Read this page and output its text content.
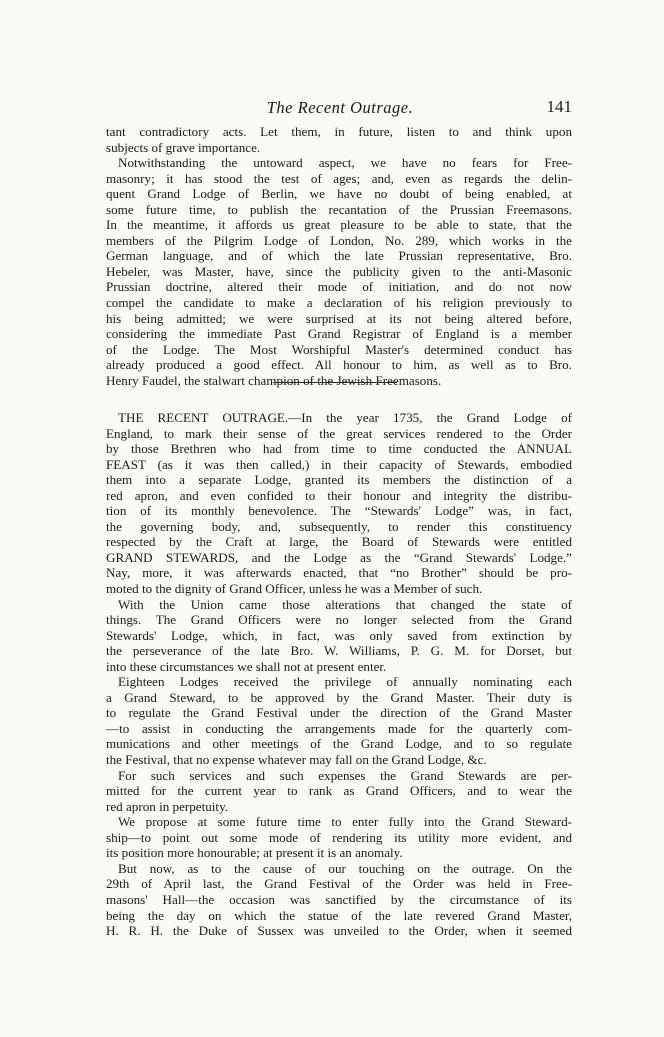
The Recent Outrage.	141
tant contradictory acts. Let them, in future, listen to and think upon
subjects of grave importance.
Notwithstanding the untoward aspect, we have no fears for Free-
masonry; it has stood the test of ages; and, even as regards the delin-
quent Grand Lodge of Berlin, we have no doubt of being enabled, at
some future time, to publish the recantation of the Prussian Freemasons.
In the meantime, it affords us great pleasure to be able to state, that the
members of the Pilgrim Lodge of London, No. 289, which works in the
German language, and of which the late Prussian representative, Bro.
Hebeler, was Master, have, since the publicity given to the anti-Masonic
Prussian doctrine, altered their mode of initiation, and do not now
compel the candidate to make a declaration of his religion previously to
his being admitted; we were surprised at its not being altered before,
considering the immediate Past Grand Registrar of England is a member
of the Lodge. The Most Worshipful Master's determined conduct has
already produced a good effect. All honour to him, as well as to Bro.
Henry Faudel, the stalwart champion of the Jewish Freemasons.
THE RECENT OUTRAGE.—In the year 1735, the Grand Lodge of
England, to mark their sense of the great services rendered to the Order
by those Brethren who had from time to time conducted the ANNUAL
FEAST (as it was then called,) in their capacity of Stewards, embodied
them into a separate Lodge, granted its members the distinction of a
red apron, and even confided to their honour and integrity the distribu-
tion of its monthly benevolence. The “Stewards' Lodge” was, in fact,
the governing body, and, subsequently, to render this constituency
respected by the Craft at large, the Board of Stewards were entitled
GRAND STEWARDS, and the Lodge as the “Grand Stewards' Lodge.”
Nay, more, it was afterwards enacted, that “no Brother” should be pro-
moted to the dignity of Grand Officer, unless he was a Member of such.
With the Union came those alterations that changed the state of
things. The Grand Officers were no longer selected from the Grand
Stewards' Lodge, which, in fact, was only saved from extinction by
the perseverance of the late Bro. W. Williams, P. G. M. for Dorset, but
into these circumstances we shall not at present enter.
Eighteen Lodges received the privilege of annually nominating each
a Grand Steward, to be approved by the Grand Master. Their duty is
to regulate the Grand Festival under the direction of the Grand Master
—to assist in conducting the arrangements made for the quarterly com-
munications and other meetings of the Grand Lodge, and to so regulate
the Festival, that no expense whatever may fall on the Grand Lodge, &c.
For such services and such expenses the Grand Stewards are per-
mitted for the current year to rank as Grand Officers, and to wear the
red apron in perpetuity.
We propose at some future time to enter fully into the Grand Steward-
ship—to point out some mode of rendering its utility more evident, and
its position more honourable; at present it is an anomaly.
But now, as to the cause of our touching on the outrage. On the
29th of April last, the Grand Festival of the Order was held in Free-
masons' Hall—the occasion was sanctified by the circumstance of its
being the day on which the statue of the late revered Grand Master,
H. R. H. the Duke of Sussex was unveiled to the Order, when it seemed
